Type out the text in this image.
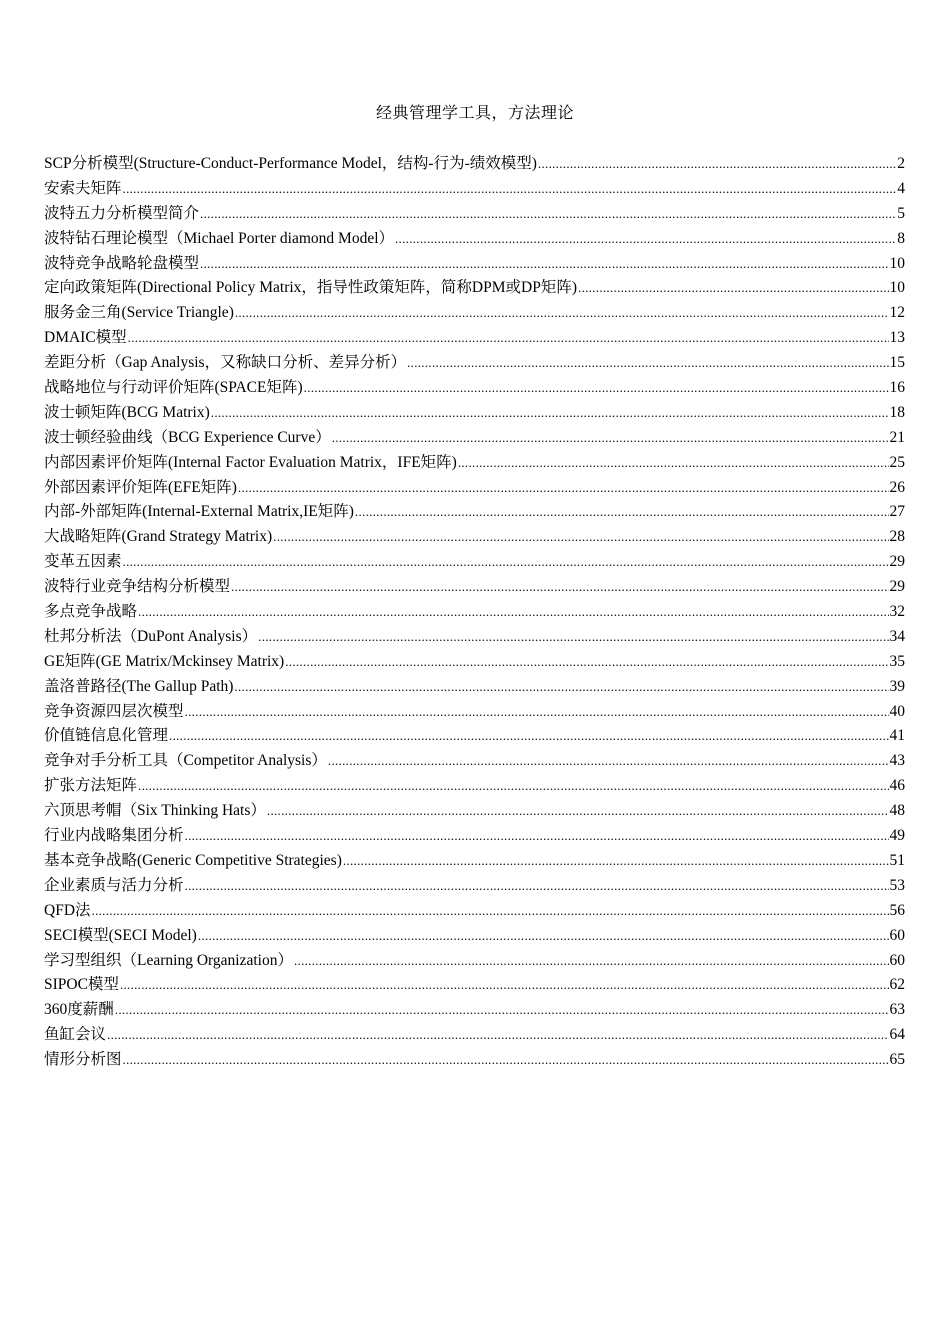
经典管理学工具，方法理论
SCP分析模型(Structure-Conduct-Performance Model，结构-行为-绩效模型) .....	2
安索夫矩阵 .....	4
波特五力分析模型简介 .....	5
波特钻石理论模型（Michael Porter diamond Model） .....	8
波特竞争战略轮盘模型 .....	10
定向政策矩阵(Directional Policy Matrix，指导性政策矩阵，简称DPM或DP矩阵) .....	10
服务金三角(Service Triangle) .....	12
DMAIC模型 .....	13
差距分析（Gap Analysis，又称缺口分析、差异分析） .....	15
战略地位与行动评价矩阵(SPACE矩阵) .....	16
波士顿矩阵(BCG Matrix) .....	18
波士顿经验曲线（BCG Experience Curve） .....	21
内部因素评价矩阵(Internal Factor Evaluation Matrix，IFE矩阵) .....	25
外部因素评价矩阵(EFE矩阵) .....	26
内部-外部矩阵(Internal-External Matrix,IE矩阵) .....	27
大战略矩阵(Grand Strategy Matrix) .....	28
变革五因素 .....	29
波特行业竞争结构分析模型 .....	29
多点竞争战略 .....	32
杜邦分析法（DuPont Analysis） .....	34
GE矩阵(GE Matrix/Mckinsey Matrix) .....	35
盖洛普路径(The Gallup Path) .....	39
竞争资源四层次模型 .....	40
价值链信息化管理 .....	41
竞争对手分析工具（Competitor Analysis） .....	43
扩张方法矩阵 .....	46
六顶思考帽（Six Thinking Hats） .....	48
行业内战略集团分析 .....	49
基本竞争战略(Generic Competitive Strategies) .....	51
企业素质与活力分析 .....	53
QFD法 .....	56
SECI模型(SECI Model) .....	60
学习型组织（Learning Organization） .....	60
SIPOC模型 .....	62
360度薪酬 .....	63
鱼缸会议 .....	64
情形分析图 .....	65
